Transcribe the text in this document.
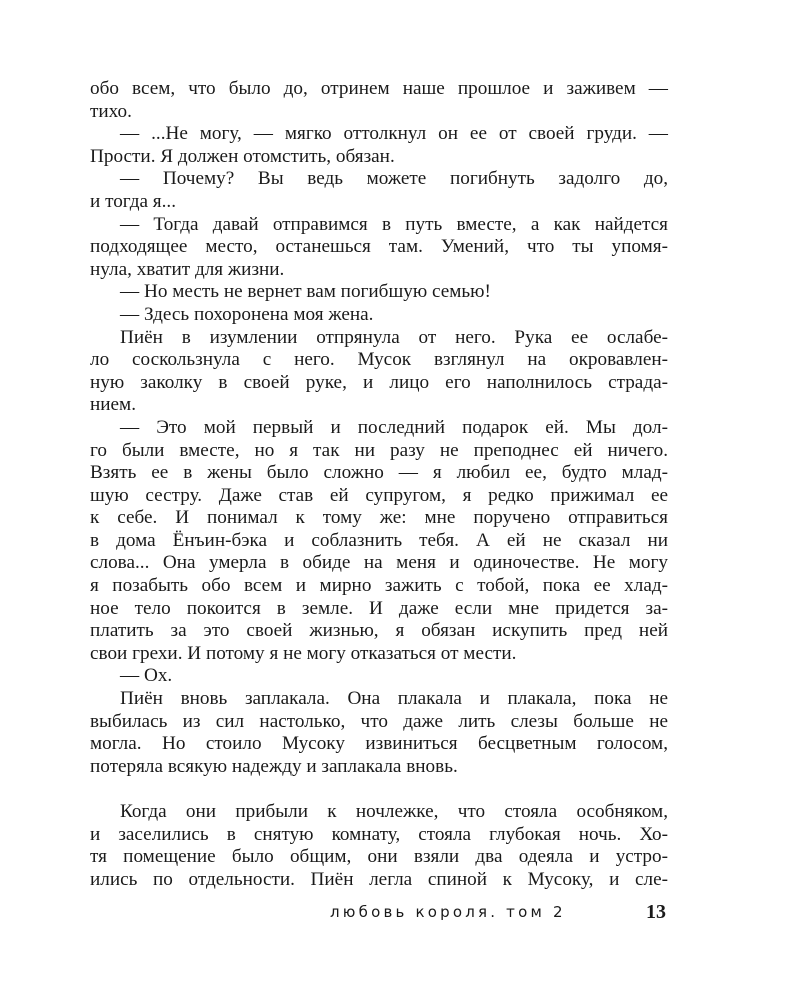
обо всем, что было до, отринем наше прошлое и заживем —
тихо.
— ...Не могу, — мягко оттолкнул он ее от своей груди. —
Прости. Я должен отомстить, обязан.
— Почему? Вы ведь можете погибнуть задолго до,
и тогда я...
— Тогда давай отправимся в путь вместе, а как найдется
подходящее место, останешься там. Умений, что ты упомя-
нула, хватит для жизни.
— Но месть не вернет вам погибшую семью!
— Здесь похоронена моя жена.
Пиён в изумлении отпрянула от него. Рука ее ослабе-
ло соскользнула с него. Мусок взглянул на окровавлен-
ную заколку в своей руке, и лицо его наполнилось страда-
нием.
— Это мой первый и последний подарок ей. Мы дол-
го были вместе, но я так ни разу не преподнес ей ничего.
Взять ее в жены было сложно — я любил ее, будто млад-
шую сестру. Даже став ей супругом, я редко прижимал ее
к себе. И понимал к тому же: мне поручено отправиться
в дома Ёнъин-бэка и соблазнить тебя. А ей не сказал ни
слова... Она умерла в обиде на меня и одиночестве. Не могу
я позабыть обо всем и мирно зажить с тобой, пока ее хлад-
ное тело покоится в земле. И даже если мне придется за-
платить за это своей жизнью, я обязан искупить пред ней
свои грехи. И потому я не могу отказаться от мести.
— Ох.
Пиён вновь заплакала. Она плакала и плакала, пока не
выбилась из сил настолько, что даже лить слезы больше не
могла. Но стоило Мусоку извиниться бесцветным голосом,
потеряла всякую надежду и заплакала вновь.
Когда они прибыли к ночлежке, что стояла особняком,
и заселились в снятую комнату, стояла глубокая ночь. Хо-
тя помещение было общим, они взяли два одеяла и устро-
ились по отдельности. Пиён легла спиной к Мусоку, и сле-
любовь короля. том 2	13
